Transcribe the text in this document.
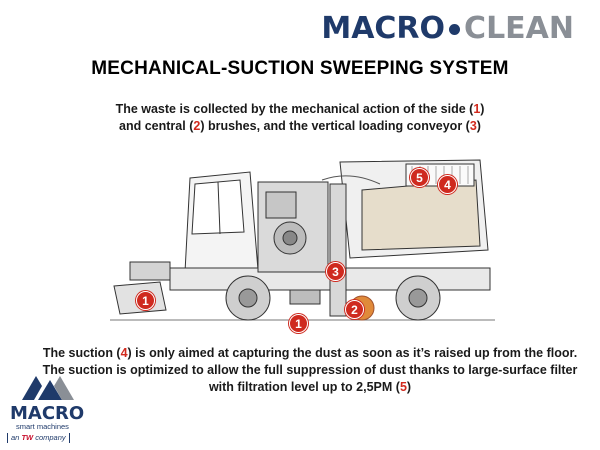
MACRO CLEAN
MECHANICAL-SUCTION SWEEPING SYSTEM
The waste is collected by the mechanical action of the side (1)
and central (2) brushes, and the vertical loading conveyor (3)
1
1
2
3
4
5
The suction (4) is only aimed at capturing the dust as soon as it’s raised up from the floor. The suction is optimized to allow the full suppression of dust thanks to large-surface filter with filtration level up to 2,5PM (5)
MACRO
smart machines
an TW company
